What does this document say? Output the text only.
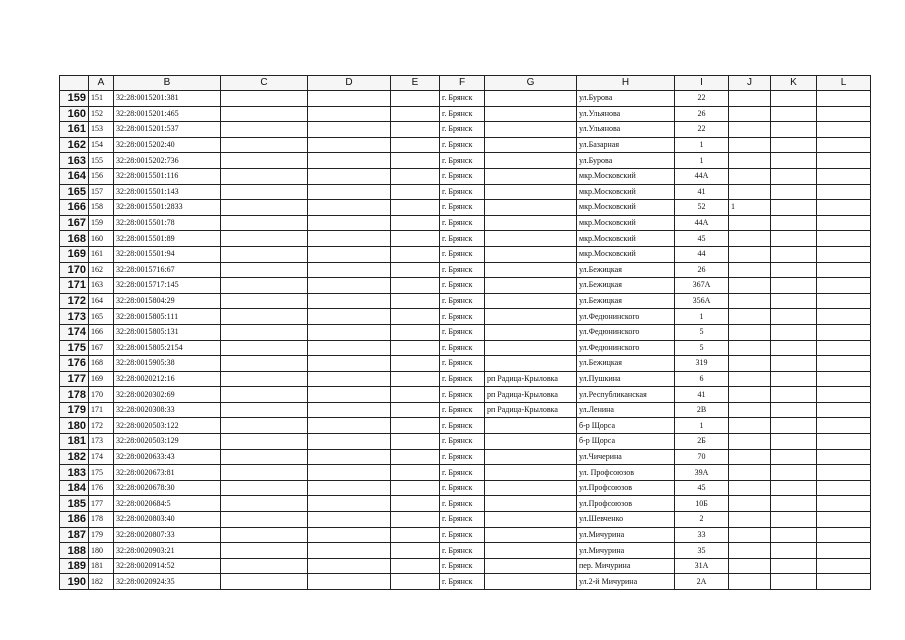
	A	B	C	D	E	F	G	H	I	J	K	L
159	151	32:28:0015201:381				г. Брянск		ул.Бурова	22			
160	152	32:28:0015201:465				г. Брянск		ул.Ульянова	26			
161	153	32:28:0015201:537				г. Брянск		ул.Ульянова	22			
162	154	32:28:0015202:40				г. Брянск		ул.Базарная	1			
163	155	32:28:0015202:736				г. Брянск		ул.Бурова	1			
164	156	32:28:0015501:116				г. Брянск		мкр.Московский	44А			
165	157	32:28:0015501:143				г. Брянск		мкр.Московский	41			
166	158	32:28:0015501:2833				г. Брянск		мкр.Московский	52	1		
167	159	32:28:0015501:78				г. Брянск		мкр.Московский	44А			
168	160	32:28:0015501:89				г. Брянск		мкр.Московский	45			
169	161	32:28:0015501:94				г. Брянск		мкр.Московский	44			
170	162	32:28:0015716:67				г. Брянск		ул.Бежицкая	26			
171	163	32:28:0015717:145				г. Брянск		ул.Бежицкая	367А			
172	164	32:28:0015804:29				г. Брянск		ул.Бежицкая	356А			
173	165	32:28:0015805:111				г. Брянск		ул.Федюнинского	1			
174	166	32:28:0015805:131				г. Брянск		ул.Федюнинского	5			
175	167	32:28:0015805:2154				г. Брянск		ул.Федюнинского	5			
176	168	32:28:0015905:38				г. Брянск		ул.Бежицкая	319			
177	169	32:28:0020212:16				г. Брянск	рп Радица-Крыловка	ул.Пушкина	6			
178	170	32:28:0020302:69				г. Брянск	рп Радица-Крыловка	ул.Республиканская	41			
179	171	32:28:0020308:33				г. Брянск	рп Радица-Крыловка	ул.Ленина	2В			
180	172	32:28:0020503:122				г. Брянск		б-р Щорса	1			
181	173	32:28:0020503:129				г. Брянск		б-р Щорса	2Б			
182	174	32:28:0020633:43				г. Брянск		ул.Чичерина	70			
183	175	32:28:0020673:81				г. Брянск		ул. Профсоюзов	39А			
184	176	32:28:0020678:30				г. Брянск		ул.Профсоюзов	45			
185	177	32:28:0020684:5				г. Брянск		ул.Профсоюзов	10Б			
186	178	32:28:0020803:40				г. Брянск		ул.Шевченко	2			
187	179	32:28:0020807:33				г. Брянск		ул.Мичурина	33			
188	180	32:28:0020903:21				г. Брянск		ул.Мичурина	35			
189	181	32:28:0020914:52				г. Брянск		пер. Мичурина	31А			
190	182	32:28:0020924:35				г. Брянск		ул.2-й Мичурина	2А			
